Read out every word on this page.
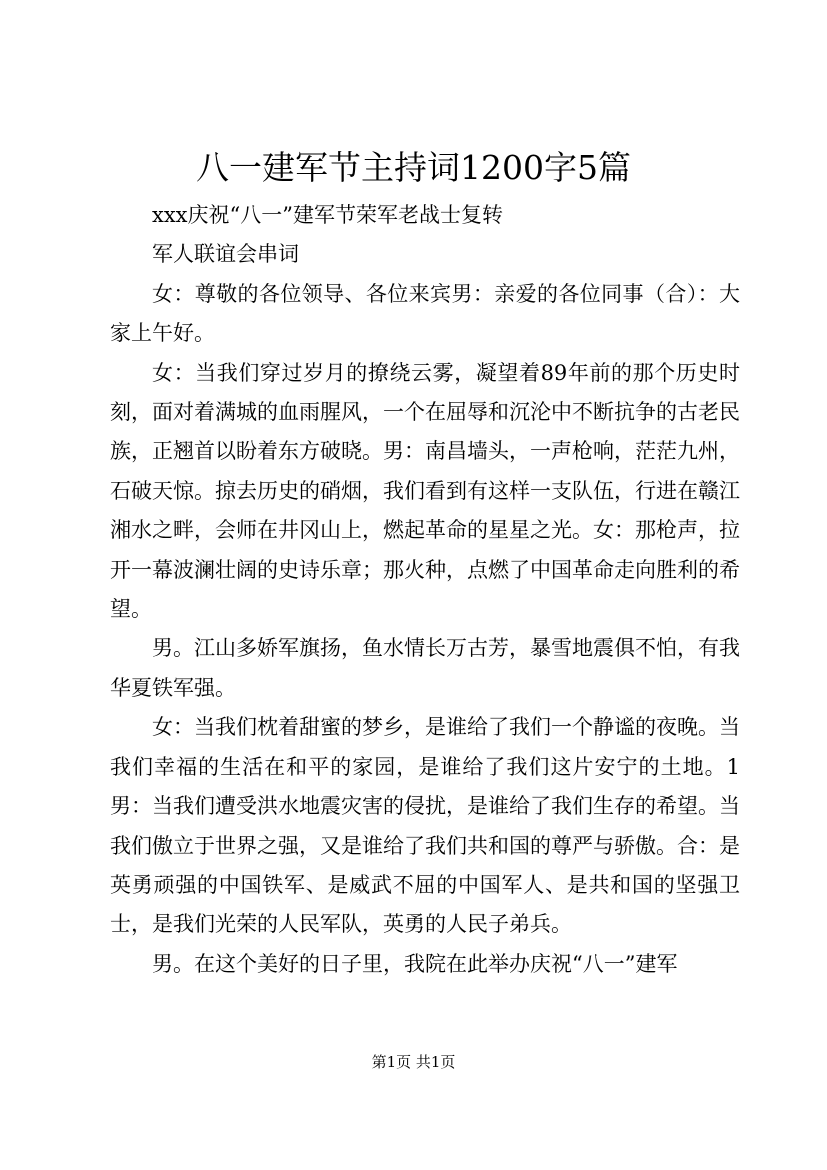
八一建军节主持词1200字5篇

xxx庆祝“八一”建军节荣军老战士复转

军人联谊会串词

女：尊敬的各位领导、各位来宾男：亲爱的各位同事（合）：大家上午好。

女：当我们穿过岁月的撩绕云雾，凝望着89年前的那个历史时刻，面对着满城的血雨腥风，一个在屈辱和沉沦中不断抗争的古老民族，正翘首以盼着东方破晓。男：南昌墙头，一声枪响，茫茫九州，石破天惊。掠去历史的硝烟，我们看到有这样一支队伍，行进在赣江湘水之畔，会师在井冈山上，燃起革命的星星之光。女：那枪声，拉开一幕波澜壮阔的史诗乐章；那火种，点燃了中国革命走向胜利的希望。

男。江山多娇军旗扬，鱼水情长万古芳，暴雪地震俱不怕，有我华夏铁军强。

女：当我们枕着甜蜜的梦乡，是谁给了我们一个静谧的夜晚。当我们幸福的生活在和平的家园，是谁给了我们这片安宁的土地。1男：当我们遭受洪水地震灾害的侵扰，是谁给了我们生存的希望。当我们傲立于世界之强，又是谁给了我们共和国的尊严与骄傲。合：是英勇顽强的中国铁军、是威武不屈的中国军人、是共和国的坚强卫士，是我们光荣的人民军队，英勇的人民子弟兵。

男。在这个美好的日子里，我院在此举办庆祝“八一”建军

第1页 共1页
